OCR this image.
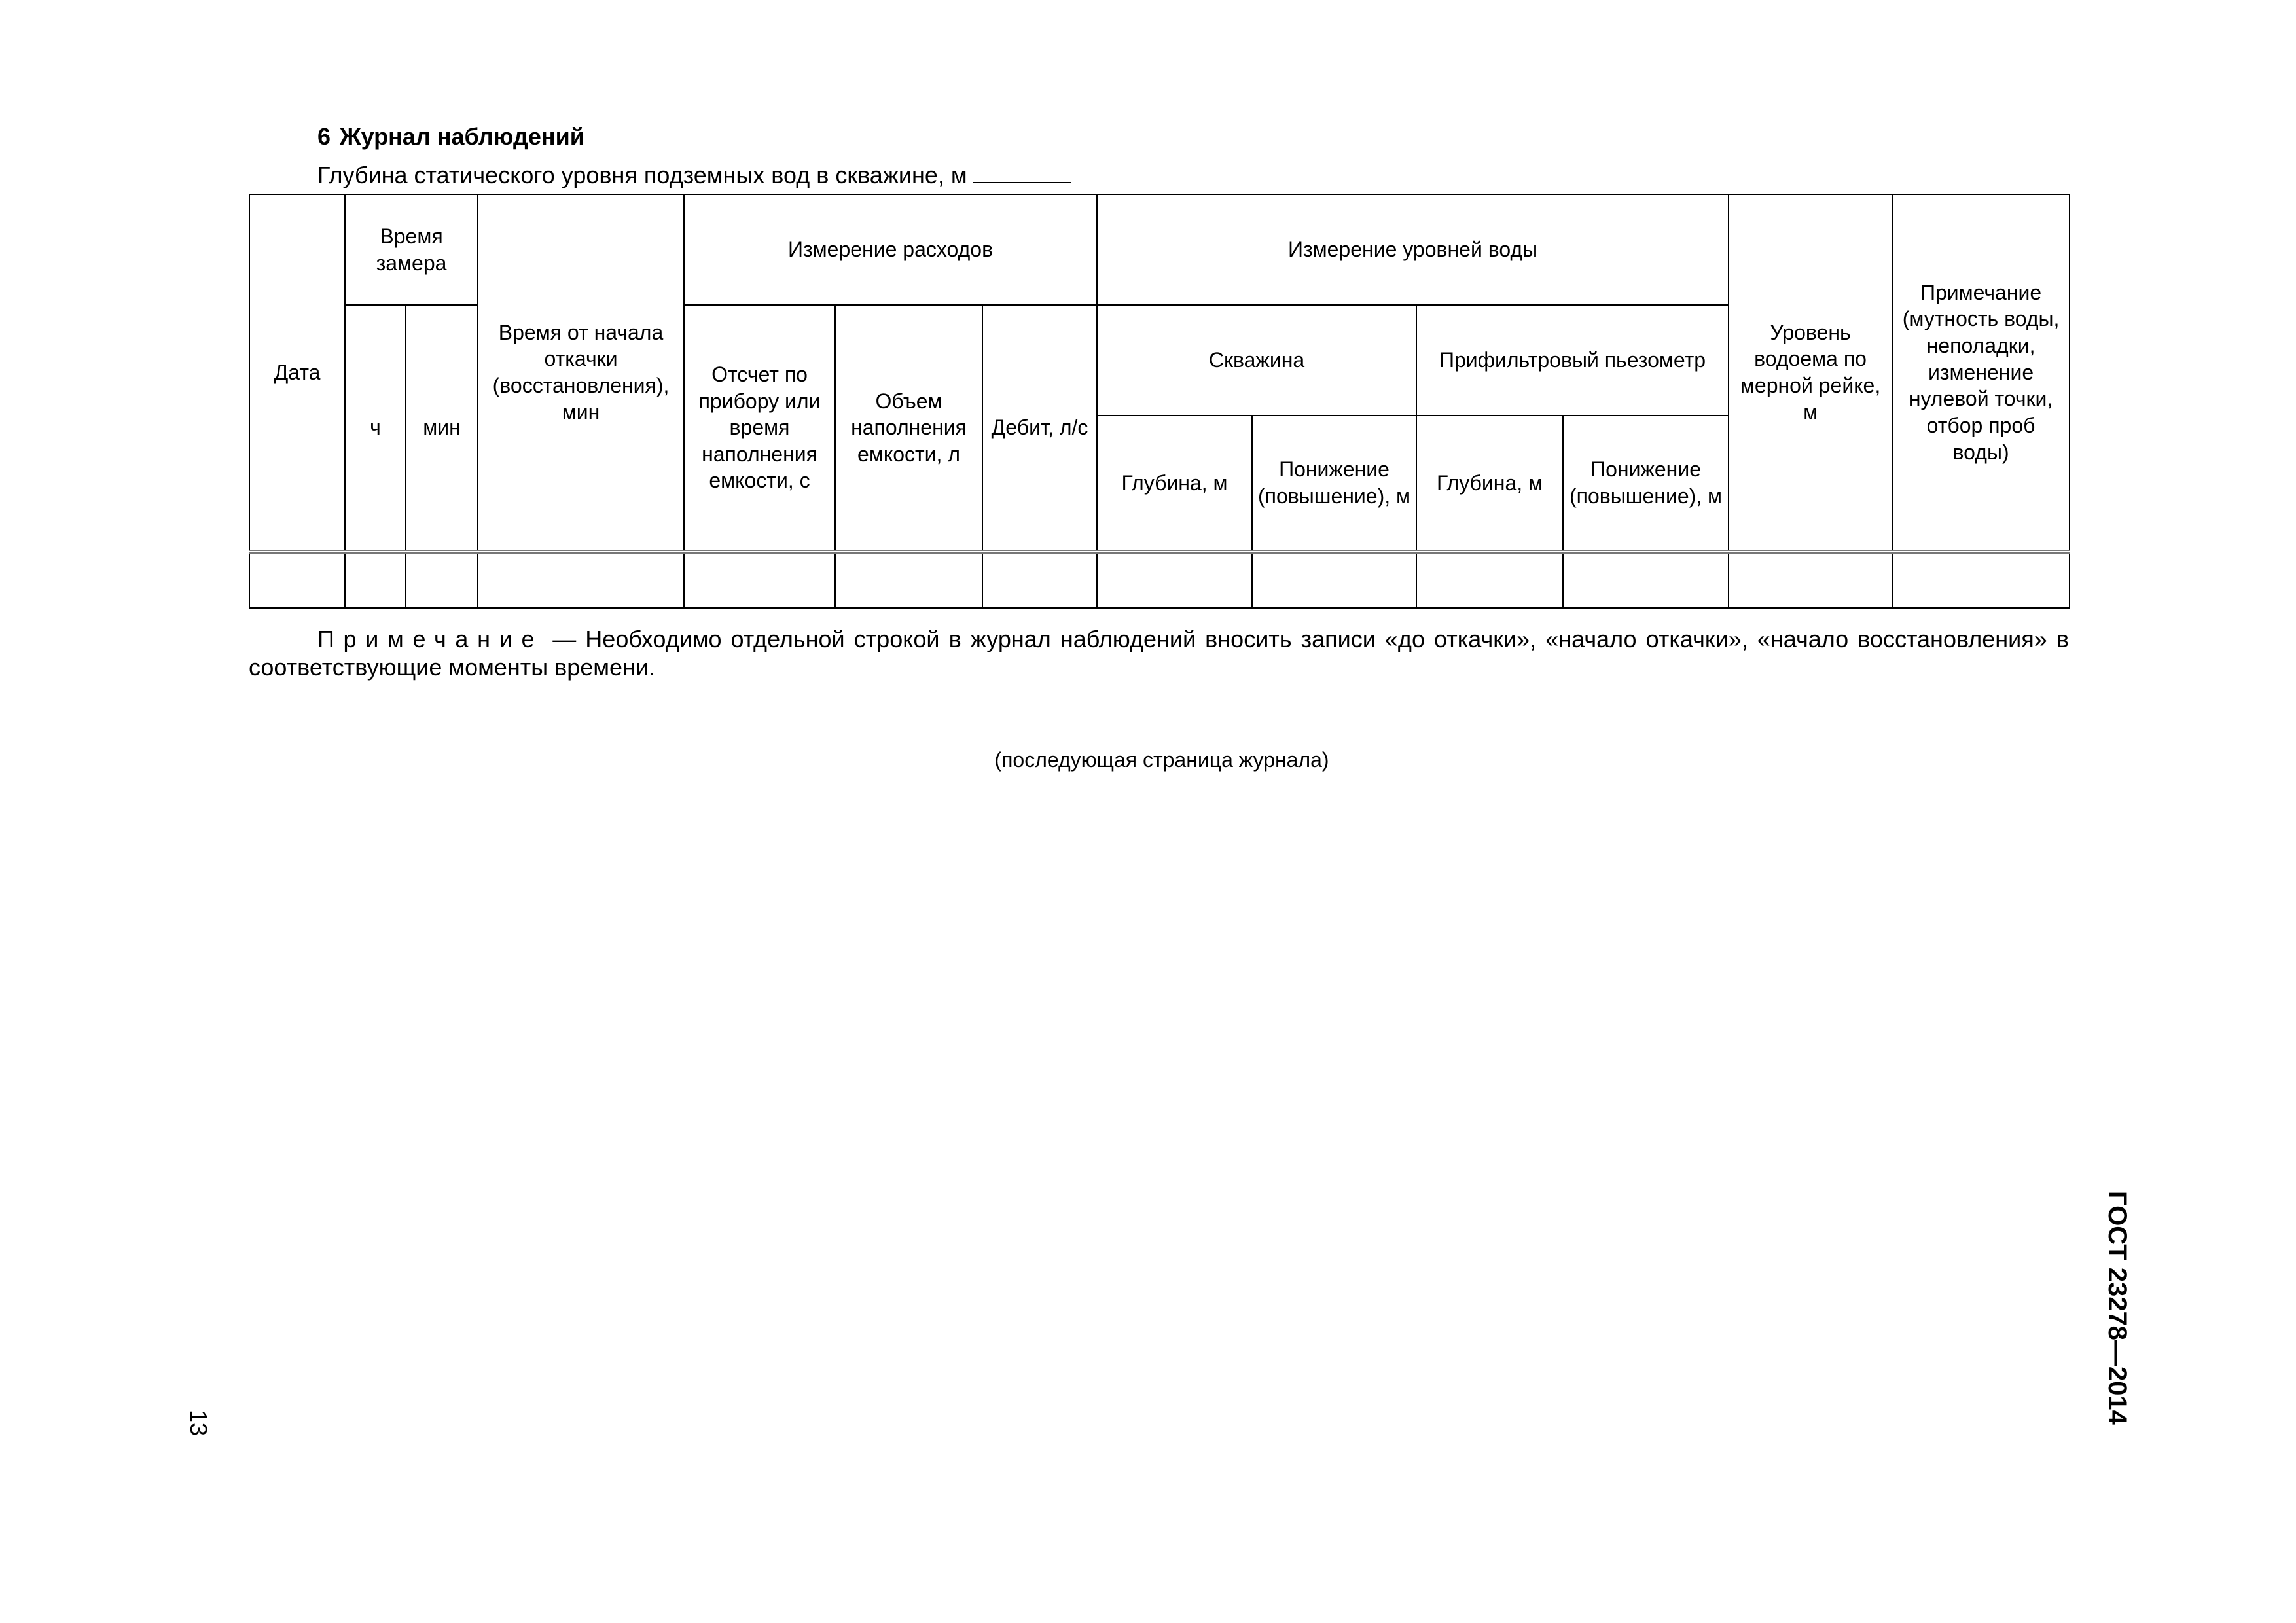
6 Журнал наблюдений
Глубина статического уровня подземных вод в скважине, м
Дата	Время замера		Время от начала откачки (восстановления), мин	Измерение расходов			Измерение уровней воды				Уровень водоема по мерной рейке, м	Примечание (мутность воды, неполадки, изменение нулевой точки, отбор проб воды)
	ч	мин		Отсчет по прибору или время наполнения емкости, с	Объем наполнения емкости, л	Дебит, л/с	Скважина		Прифильтровый пьезометр			
							Глубина, м	Понижение (повышение), м	Глубина, м	Понижение (повышение), м		

Примечание — Необходимо отдельной строкой в журнал наблюдений вносить записи «до откачки», «начало откачки», «начало восстановления» в соответствующие моменты времени.
(последующая страница журнала)
ГОСТ 23278—2014
13
